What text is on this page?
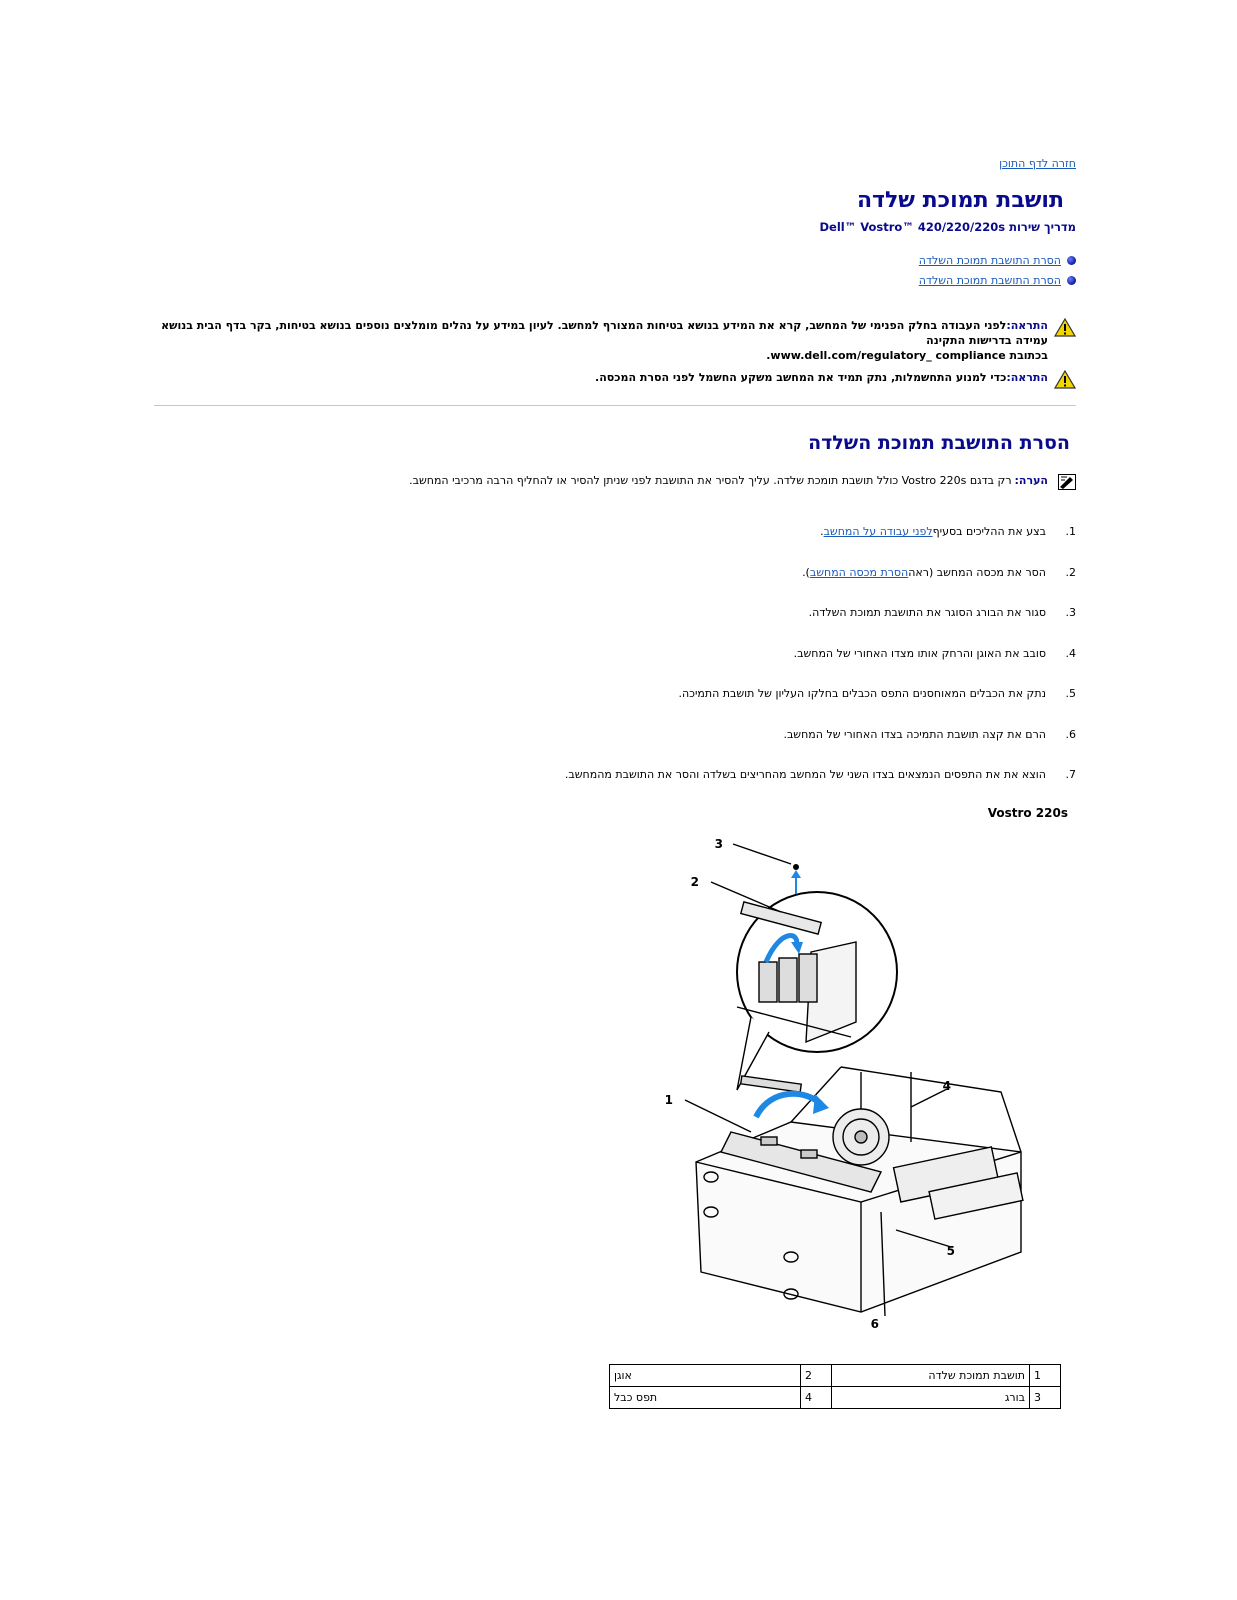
חזרה לדף התוכן
תושבת תמוכת שלדה
מדריך שירות Dell™ Vostro™ 420/220/220s
הסרת התושבת תמוכת השלדה
הסרת התושבת תמוכת השלדה
התראה:לפני העבודה בחלק הפנימי של המחשב, קרא את המידע בנושא בטיחות המצורף למחשב. לעיון במידע על נהלים מומלצים נוספים בנושא בטיחות, בקר בדף הבית בנושא עמידה בדרישות התקינה
בכתובת www.dell.com/regulatory_ compliance.
התראה:כדי למנוע התחשמלות, נתק תמיד את המחשב משקע החשמל לפני הסרת המכסה.
הסרת התושבת תמוכת השלדה
הערה:
רק בדגם Vostro 220s כולל תושבת תומכת שלדה. עליך להסיר את התושבת לפני שניתן להסיר או להחליף הרבה מרכיבי המחשב.
1.
בצע את ההליכים בסעיף
לפני עבודה על המחשב
.
2.
הסר את מכסה המחשב (ראה
הסרת מכסה המחשב
).
3.
סגור את הבורג הסוגר את התושבת תמוכת השלדה.
4.
סובב את האוגן והרחק אותו מצדו האחורי של המחשב.
5.
נתק את הכבלים המאוחסנים התפס הכבלים בחלקו העליון של תושבת התמיכה.
6.
הרם את קצה תושבת התמיכה בצדו האחורי של המחשב.
7.
הוצא את את התפסים הנמצאים בצדו השני של המחשב מהחריצים בשלדה והסר את התושבת מהמחשב.
Vostro 220s
3
2
1
4
5
6
1	תושבת תמוכת שלדה	2	אוגן
3	בורג	4	תפס כבל
